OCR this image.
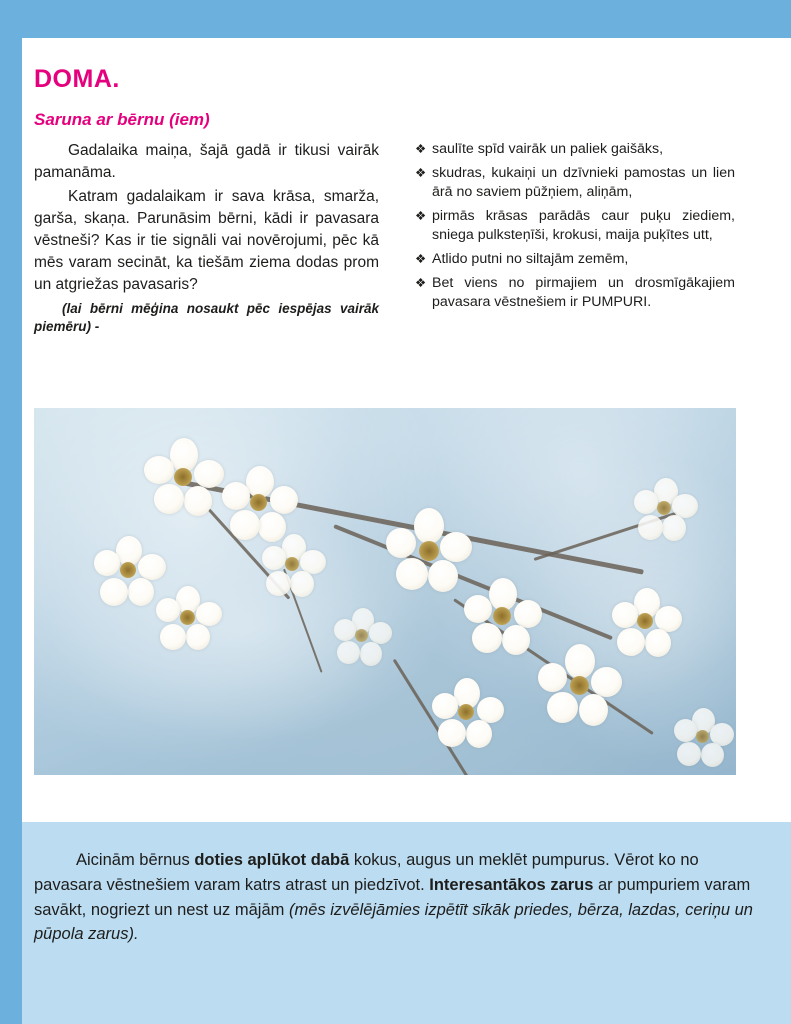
DOMA.
Saruna ar bērnu (iem)

Gadalaika maiņa, šajā gadā ir tikusi vairāk pamanāma.

Katram gadalaikam ir sava krāsa, smarža, garša, skaņa. Parunāsim bērni, kādi ir pavasara vēstneši? Kas ir tie signāli vai novērojumi, pēc kā mēs varam secināt, ka tiešām ziema dodas prom un atgriežas pavasaris?

(lai bērni mēģina nosaukt pēc iespējas vairāk piemēru) -

❖ saulīte spīd vairāk un paliek gaišāks,
❖ skudras, kukaiņi un dzīvnieki pamostas un lien ārā no saviem pūžņiem, aliņām,
❖ pirmās krāsas parādās caur puķu ziediem, sniega pulksteņīši, krokusi, maija puķītes utt,
❖ Atlido putni no siltajām zemēm,
❖ Bet viens no pirmajiem un drosmīgākajiem pavasara vēstnešiem ir PUMPURI.
Aicinām bērnus doties aplūkot dabā kokus, augus un meklēt pumpurus. Vērot ko no pavasara vēstnešiem varam katrs atrast un piedzīvot. Interesantākos zarus ar pumpuriem varam savākt, nogriezt un nest uz mājām (mēs izvēlējāmies izpētīt sīkāk priedes, bērza, lazdas, ceriņu un pūpola zarus).
